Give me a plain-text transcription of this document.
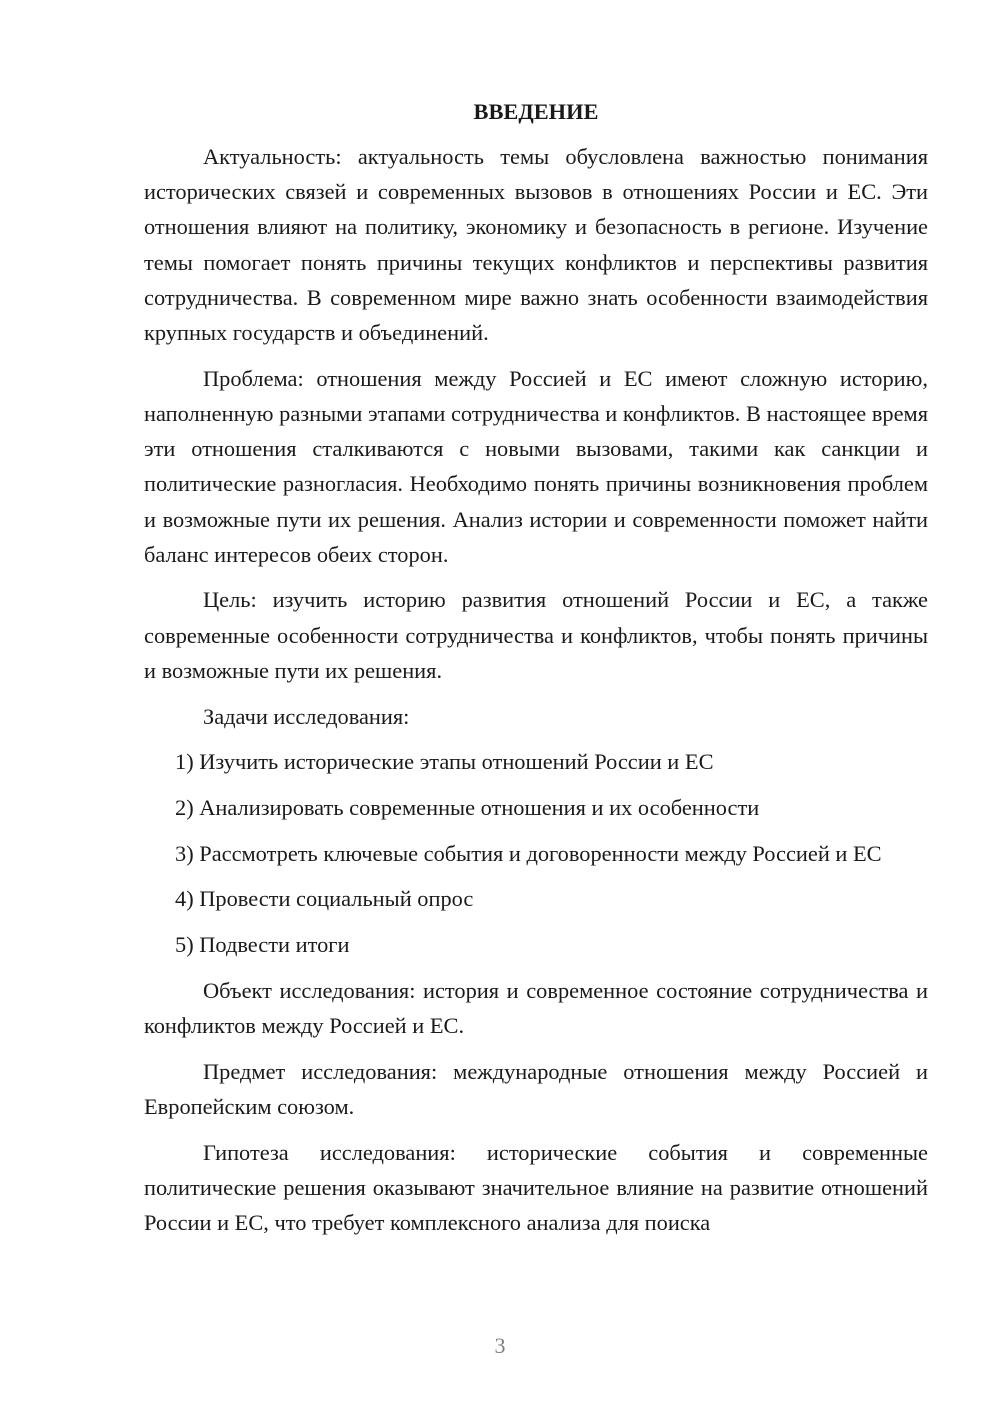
ВВЕДЕНИЕ

Актуальность: актуальность темы обусловлена важностью понимания исторических связей и современных вызовов в отношениях России и ЕС. Эти отношения влияют на политику, экономику и безопасность в регионе. Изучение темы помогает понять причины текущих конфликтов и перспективы развития сотрудничества. В современном мире важно знать особенности взаимодействия крупных государств и объединений.

Проблема: отношения между Россией и ЕС имеют сложную историю, наполненную разными этапами сотрудничества и конфликтов. В настоящее время эти отношения сталкиваются с новыми вызовами, такими как санкции и политические разногласия. Необходимо понять причины возникновения проблем и возможные пути их решения. Анализ истории и современности поможет найти баланс интересов обеих сторон.

Цель: изучить историю развития отношений России и ЕС, а также современные особенности сотрудничества и конфликтов, чтобы понять причины и возможные пути их решения.

Задачи исследования:

1) Изучить исторические этапы отношений России и ЕС

2) Анализировать современные отношения и их особенности

3) Рассмотреть ключевые события и договоренности между Россией и ЕС

4) Провести социальный опрос

5) Подвести итоги

Объект исследования: история и современное состояние сотрудничества и конфликтов между Россией и ЕС.

Предмет исследования: международные отношения между Россией и Европейским союзом.

Гипотеза исследования: исторические события и современные политические решения оказывают значительное влияние на развитие отношений России и ЕС, что требует комплексного анализа для поиска

3
